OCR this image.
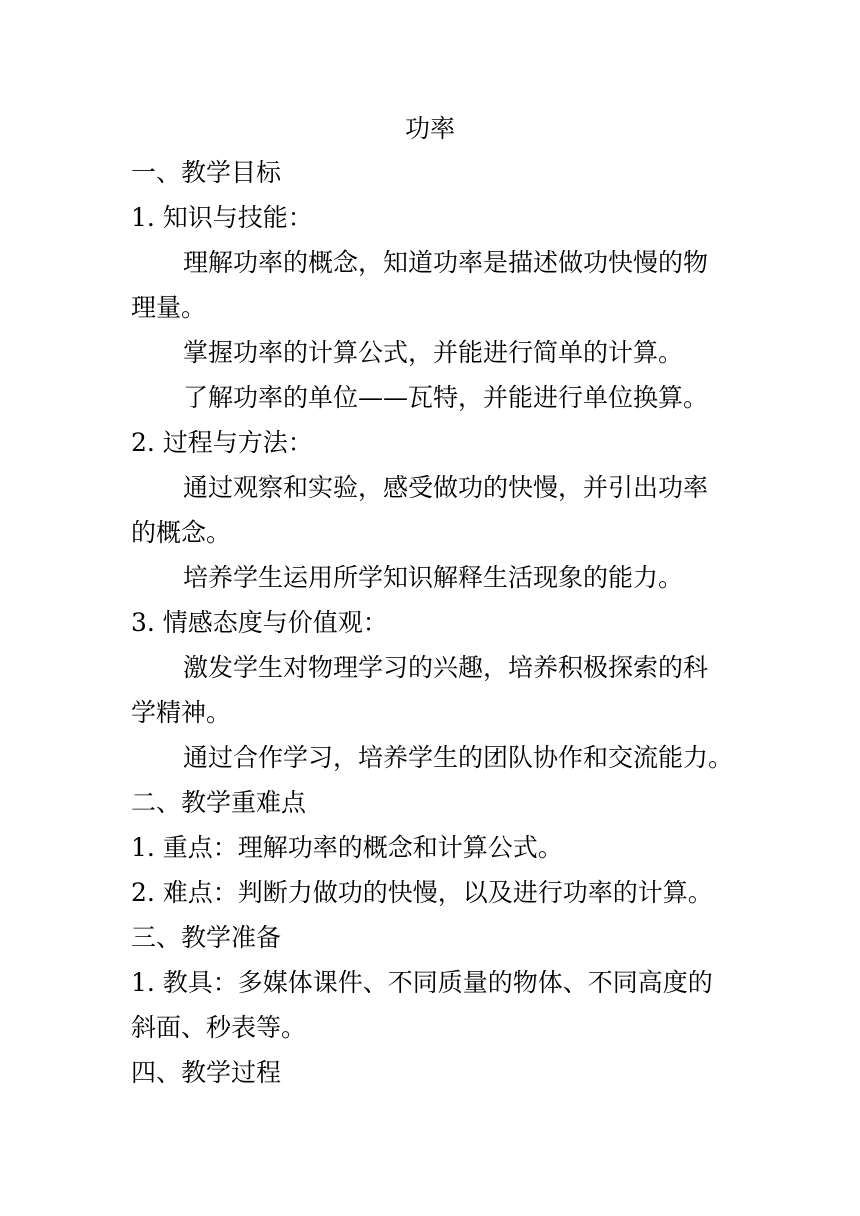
功率
一、教学目标
1. 知识与技能：
理解功率的概念，知道功率是描述做功快慢的物
理量。
掌握功率的计算公式，并能进行简单的计算。
了解功率的单位——瓦特，并能进行单位换算。
2. 过程与方法：
通过观察和实验，感受做功的快慢，并引出功率
的概念。
培养学生运用所学知识解释生活现象的能力。
3. 情感态度与价值观：
激发学生对物理学习的兴趣，培养积极探索的科
学精神。
通过合作学习，培养学生的团队协作和交流能力。
二、教学重难点
1. 重点：理解功率的概念和计算公式。
2. 难点：判断力做功的快慢，以及进行功率的计算。
三、教学准备
1. 教具：多媒体课件、不同质量的物体、不同高度的
斜面、秒表等。
四、教学过程
